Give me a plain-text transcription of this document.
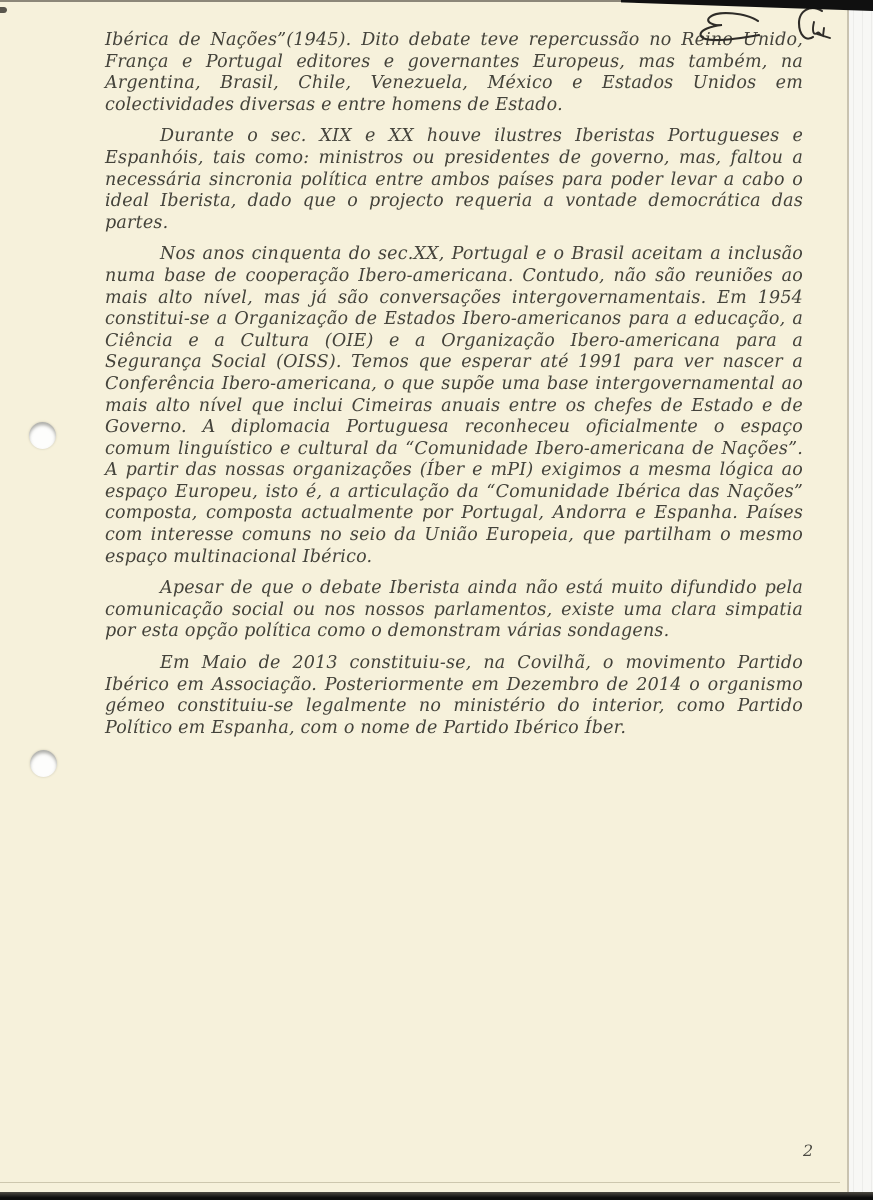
Ibérica de Nações”(1945). Dito debate teve repercussão no Reino Unido, França e Portugal editores e governantes Europeus, mas também, na Argentina, Brasil, Chile, Venezuela, México e Estados Unidos em colectividades diversas e entre homens de Estado.

Durante o sec. XIX e XX houve ilustres Iberistas Portugueses e Espanhóis, tais como: ministros ou presidentes de governo, mas, faltou a necessária sincronia política entre ambos países para poder levar a cabo o ideal Iberista, dado que o projecto requeria a vontade democrática das partes.

Nos anos cinquenta do sec.XX, Portugal e o Brasil aceitam a inclusão numa base de cooperação Ibero-americana. Contudo, não são reuniões ao mais alto nível, mas já são conversações intergovernamentais. Em 1954 constitui-se a Organização de Estados Ibero-americanos para a educação, a Ciência e a Cultura (OIE) e a Organização Ibero-americana para a Segurança Social (OISS). Temos que esperar até 1991 para ver nascer a Conferência Ibero-americana, o que supõe uma base intergovernamental ao mais alto nível que inclui Cimeiras anuais entre os chefes de Estado e de Governo. A diplomacia Portuguesa reconheceu oficialmente o espaço comum linguístico e cultural da “Comunidade Ibero-americana de Nações”. A partir das nossas organizações (Íber e mPI) exigimos a mesma lógica ao espaço Europeu, isto é, a articulação da “Comunidade Ibérica das Nações” composta, composta actualmente por Portugal, Andorra e Espanha. Países com interesse comuns no seio da União Europeia, que partilham o mesmo espaço multinacional Ibérico.

Apesar de que o debate Iberista ainda não está muito difundido pela comunicação social ou nos nossos parlamentos, existe uma clara simpatia por esta opção política como o demonstram várias sondagens.

Em Maio de 2013 constituiu-se, na Covilhã, o movimento Partido Ibérico em Associação. Posteriormente em Dezembro de 2014 o organismo gémeo constituiu-se legalmente no ministério do interior, como Partido Político em Espanha, com o nome de Partido Ibérico Íber.

2
